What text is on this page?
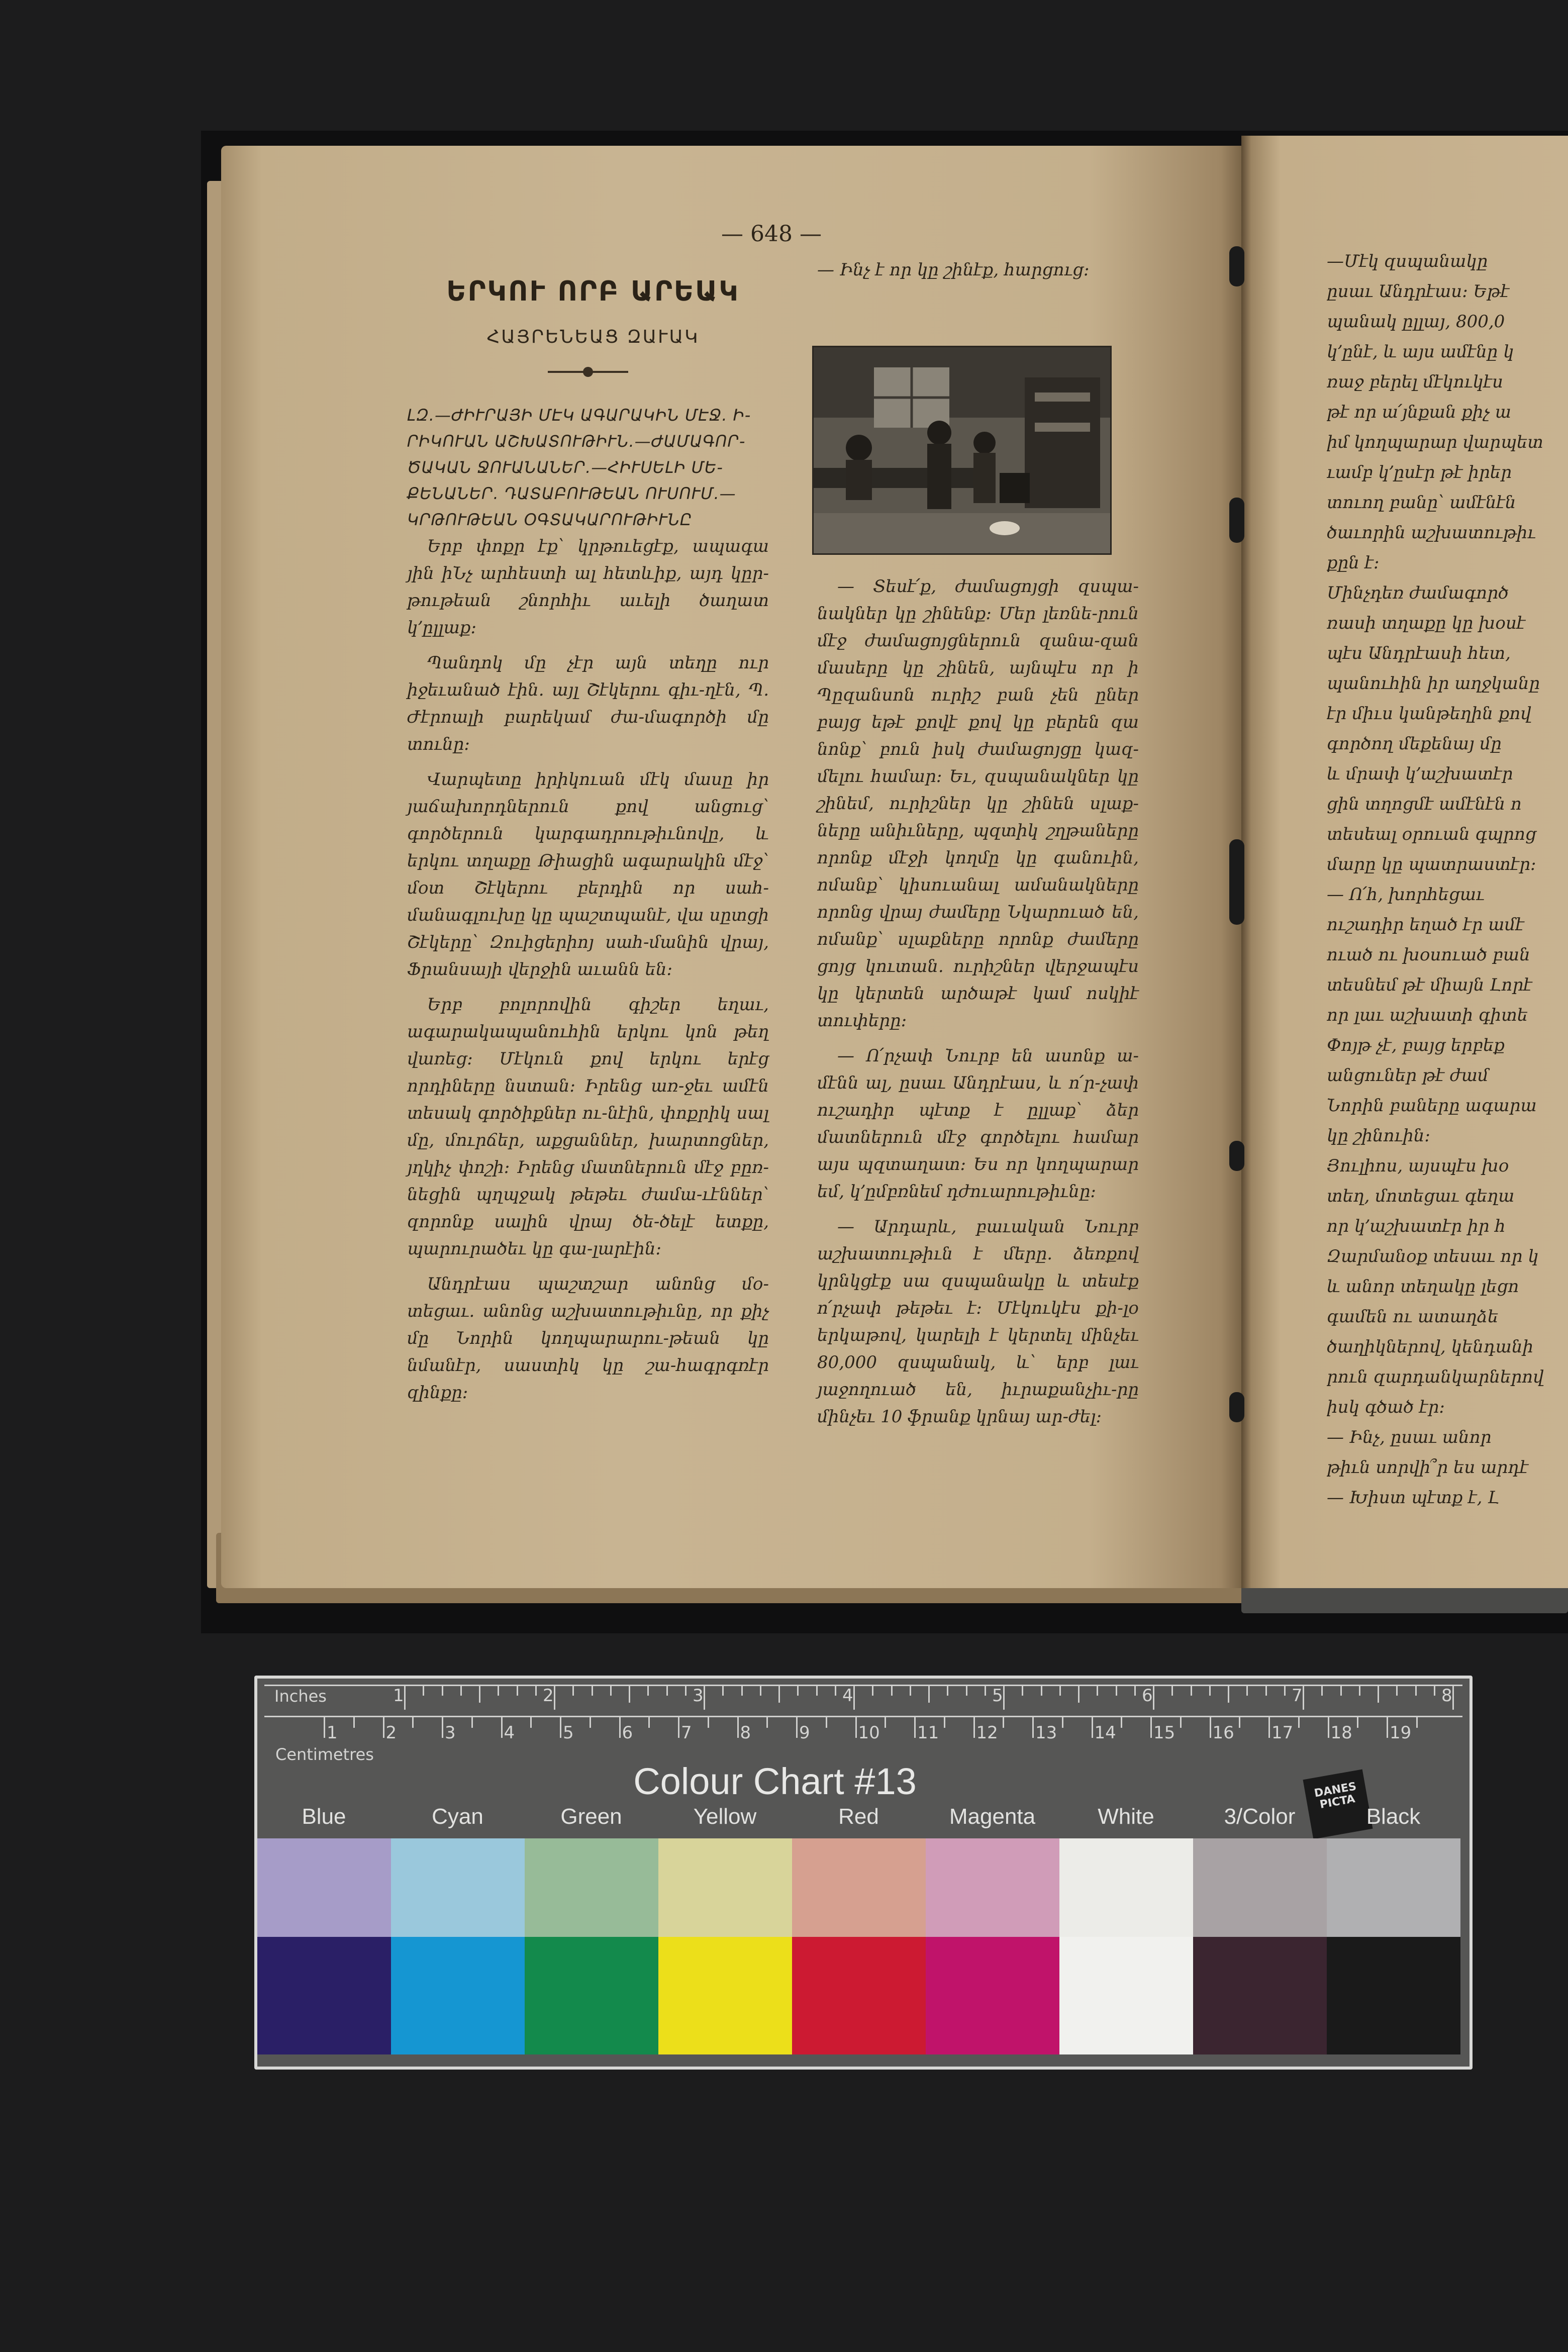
— 648 —
ԵՐԿՈՒ ՈՐԲ ԱՐԵԱԿ
ՀԱՅՐԵՆԵԱՑ ԶԱՒԱԿ
ԼԶ.—ԺԻՒՐԱՅԻ ՄԷԿ ԱԳԱՐԱԿԻՆ ՄԷՋ. Ի-ՐԻԿՈՒԱՆ ԱՇԽԱՏՈՒԹԻՒՆ.—ԺԱՄԱԳՈՐ-ԾԱԿԱՆ ՋՈՒԱՆԱՆԵՐ.—ՀԻՒՍԵԼԻ ՄԵ-ՔԵՆԱՆԵՐ. ԴԱՏԱԲՈՒԹԵԱՆ ՈՒՍՈՒՄ.—ԿՐԹՈՒԹԵԱՆ ՕԳՏԱԿԱՐՈՒԹԻՒՆԸ

Երբ փոքր էք՝ կրթուեցէք, ապագա յին իՆչ արհեստի ալ հետևիք, այդ կըր-թութեան շնորհիւ աւելի ծաղատ կ՚ըլլաք։

Պանդոկ մը չէր այն տեղը ուր իջեւանած էին. այլ Շէկերու գիւ-ղէն, Պ. Ժէրոալի բարեկամ ժա-մագործի մը տունը։

Վարպետը իրիկուան մէկ մասը իր յաճախորդներուն քով անցուց՝ գործերուն կարգադրութիւնովը, և երկու տղաքը Թիացին ագարակին մէջ՝ մօտ Շէկերու բերդին որ սահ-մանագլուխը կը պաշտպանէ, վա սըտցի Շէկերը՝ Զուիցերիոյ սահ-մանին վրայ, Ֆրանսայի վերջին աւանն են։

Երբ բոլորովին գիշեր եղաւ, ագարակապանուհին երկու կոն թեղ վառեց։ Մէկուն քով երկու երէց որդիները նստան։ Իրենց առ-ջեւ ամէն տեսակ գործիքներ ու-նէին, փոքրիկ սալ մը, մուրճեր, աքցաններ, խարտոցներ, յղկիչ փոշի։ Իրենց մատներուն մէջ բըռ-նեցին պղպջակ թեթեւ ժամա-ւէններ՝ զորոնք սալին վրայ ծե-ծելէ ետքը, պարուրածեւ կը գա-լարէին։

Անդրէաս պաշտշար անոնց մօ-տեցաւ. անոնց աշխատութիւնը, որ քիչ մը Նորին կողպարարու-թեան կը նմանէր, սաստիկ կը շա-հագրգռէր զինքը։

— Ինչ է որ կը շինէք, հարցուց։

— Տեսէ՛ք, ժամացոյցի զսպա-նակներ կը շինենք։ Մեր լեռնե-րուն մէջ ժամացոյցներուն զանա-զան մասերը կը շինեն, այնպէս որ ի Պըզանսոն ուրիշ բան չեն ըներ բայց եթէ քովէ քով կը բերեն զա նոնք՝ բուն իսկ ժամացոյցը կազ-մելու համար։ Եւ, զսպանակներ կը շինեմ, ուրիշներ կը շինեն սլաք-ները անիւները, պզտիկ շղթաները որոնք մէջի կողմը կը գանուին, ոմանք՝ կիսուանալ ամանակները որոնց վրայ ժամերը Նկարուած են, ոմանք՝ սլաքները որոնք ժամերը ցոյց կուտան. ուրիշներ վերջապէս կը կերտեն արծաթէ կամ ոսկիէ տուփերը։

— Ո՛րչափ Նուրբ են ասոնք ա-մէնն ալ, ըսաւ Անդրէաս, և ո՛ր-չափ ուշադիր պէտք է ըլլաք՝ ձեր մատներուն մէջ գործելու համար այս պզտաղատ։ Ես որ կողպարար եմ, կ՚ըմբռնեմ դժուարութիւնը։

— Արդարև, բաւական Նուրբ աշխատութիւն է մերը. ձեռքով կրնկցէք սա զսպանակը և տեսէք ո՛րչափ թեթեւ է։ Մէկուկէս քի-լօ երկաթով, կարելի է կերտել մինչեւ 80,000 զսպանակ, և՝ երբ լաւ յաջողուած են, իւրաքանչիւ-րը մինչեւ 10 ֆրանք կրնայ ար-ժել։

—Մէկ զսպանակը
ըսաւ Անդրէաս։ Եթէ
պանակ ըլլայ, 800,0
կ՚ընէ, և այս ամէնը կ
ռաջ բերել մէկուկէս
թէ որ ա՛յնքան քիչ ա
իմ կողպարար վարպետ
ւամբ կ՚ըսէր թէ իրեր
տուող բանը՝ ամէնէն
ծաւորին աշխատութիւ
քըն է։
Մինչդեռ ժամագործ
ռասի տղաքը կը խօսէ
պէս Անդրէասի հետ,
պանուհին իր աղջկանը
էր միւս կանթեղին քով
գործող մեքենայ մը
և մրափ կ՚աշխատէր
ցին տղոցմէ ամէնէն ո
տեսեալ օրուան գպրոց
մարը կը պատրաստէր։
— Ո՛հ, խորհեցաւ
ուշադիր եղած էր ամէ
ուած ու խօսուած բան
տեսնեմ թէ միայն Լորէ
որ լաւ աշխատի գիտե
Փոյթ չէ, բայց երբեք
անցուներ թէ ժամ
Նորին բաները ագարա
կը շինուին։
Յուլիոս, այսպէս խօ
տեղ, մոտեցաւ գեղա
որ կ՚աշխատէր իր հ
Զարմանօք տեսաւ որ կ
և անոր տեղակը լեցո
գամեն ու ատաղձե
ծաղիկներով, կենդանի
րուն զարդանկարներով
իսկ գծած էր։
— Ինչ, ըսաւ անոր
թիւն սորվի՞ր ես արդէ
— Խիստ պէտք է, Լ
Inches
Centimetres
1	2	3	4	5	6	7	8
1	2	3	4	5	6	7	8	9	10 11 12 13 14 15 16 17 18 19
Colour Chart #13	DANES PICTA
Blue	Cyan	Green	Yellow	Red	Magenta	White	3/Color	Black
